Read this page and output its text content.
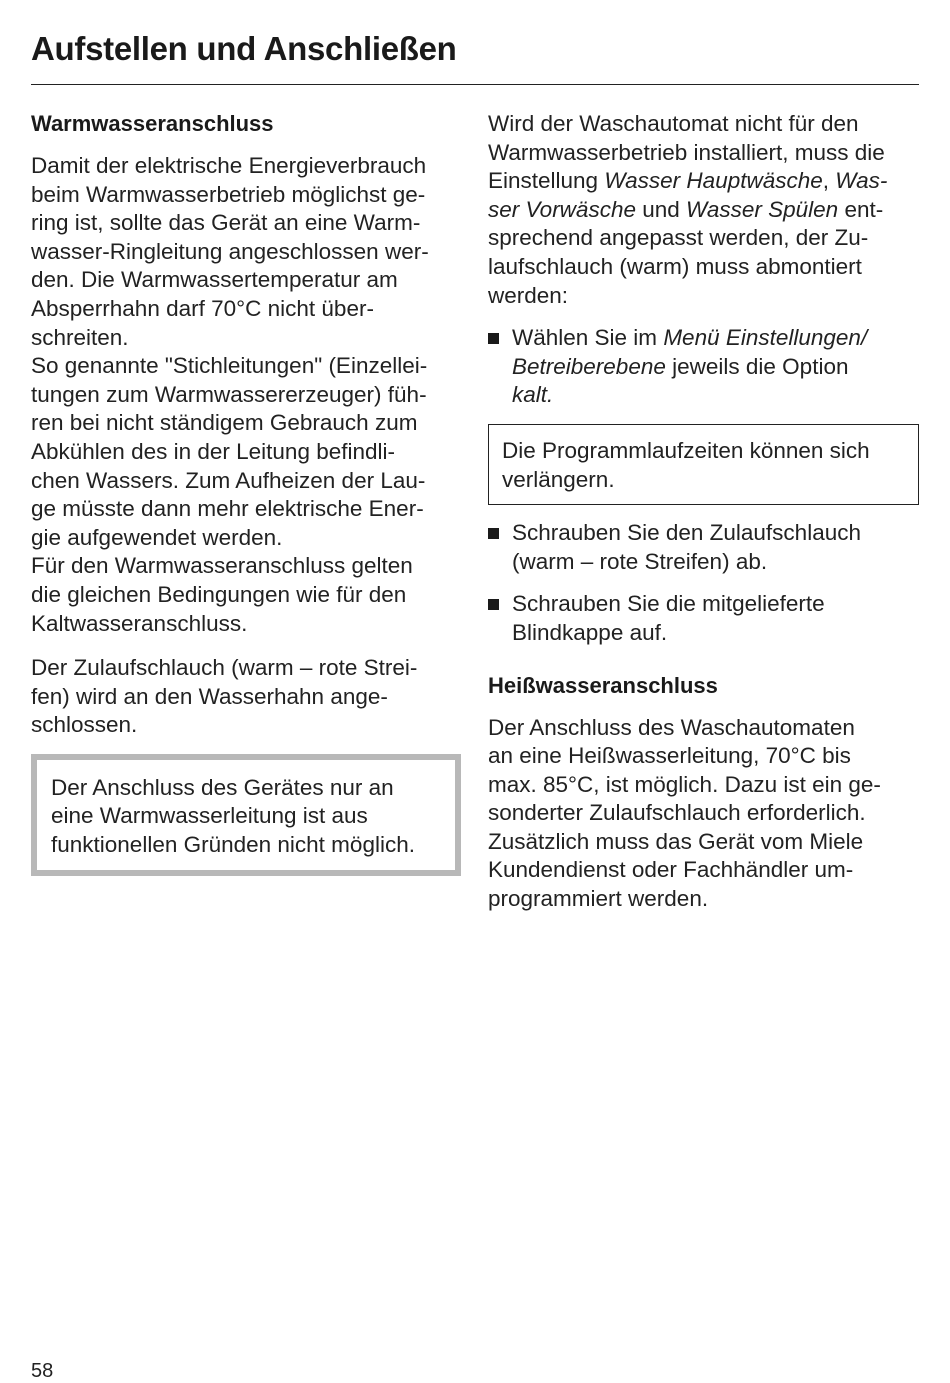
Aufstellen und Anschließen
Warmwasseranschluss

Damit der elektrische Energieverbrauch
beim Warmwasserbetrieb möglichst ge-
ring ist, sollte das Gerät an eine Warm-
wasser-Ringleitung angeschlossen wer-
den. Die Warmwassertemperatur am
Absperrhahn darf 70°C nicht über-
schreiten.
So genannte "Stichleitungen" (Einzellei-
tungen zum Warmwassererzeuger) füh-
ren bei nicht ständigem Gebrauch zum
Abkühlen des in der Leitung befindli-
chen Wassers. Zum Aufheizen der Lau-
ge müsste dann mehr elektrische Ener-
gie aufgewendet werden.
Für den Warmwasseranschluss gelten
die gleichen Bedingungen wie für den
Kaltwasseranschluss.

Der Zulaufschlauch (warm – rote Strei-
fen) wird an den Wasserhahn ange-
schlossen.

Der Anschluss des Gerätes nur an
eine Warmwasserleitung ist aus
funktionellen Gründen nicht möglich.

Wird der Waschautomat nicht für den
Warmwasserbetrieb installiert, muss die
Einstellung Wasser Hauptwäsche, Was-
ser Vorwäsche und Wasser Spülen ent-
sprechend angepasst werden, der Zu-
laufschlauch (warm) muss abmontiert
werden:

Wählen Sie im Menü Einstellungen/
Betreiberebene jeweils die Option
kalt.
Die Programmlaufzeiten können sich
verlängern.
Schrauben Sie den Zulaufschlauch
(warm – rote Streifen) ab.
Schrauben Sie die mitgelieferte
Blindkappe auf.
Heißwasseranschluss

Der Anschluss des Waschautomaten
an eine Heißwasserleitung, 70°C bis
max. 85°C, ist möglich. Dazu ist ein ge-
sonderter Zulaufschlauch erforderlich.
Zusätzlich muss das Gerät vom Miele
Kundendienst oder Fachhändler um-
programmiert werden.

58
